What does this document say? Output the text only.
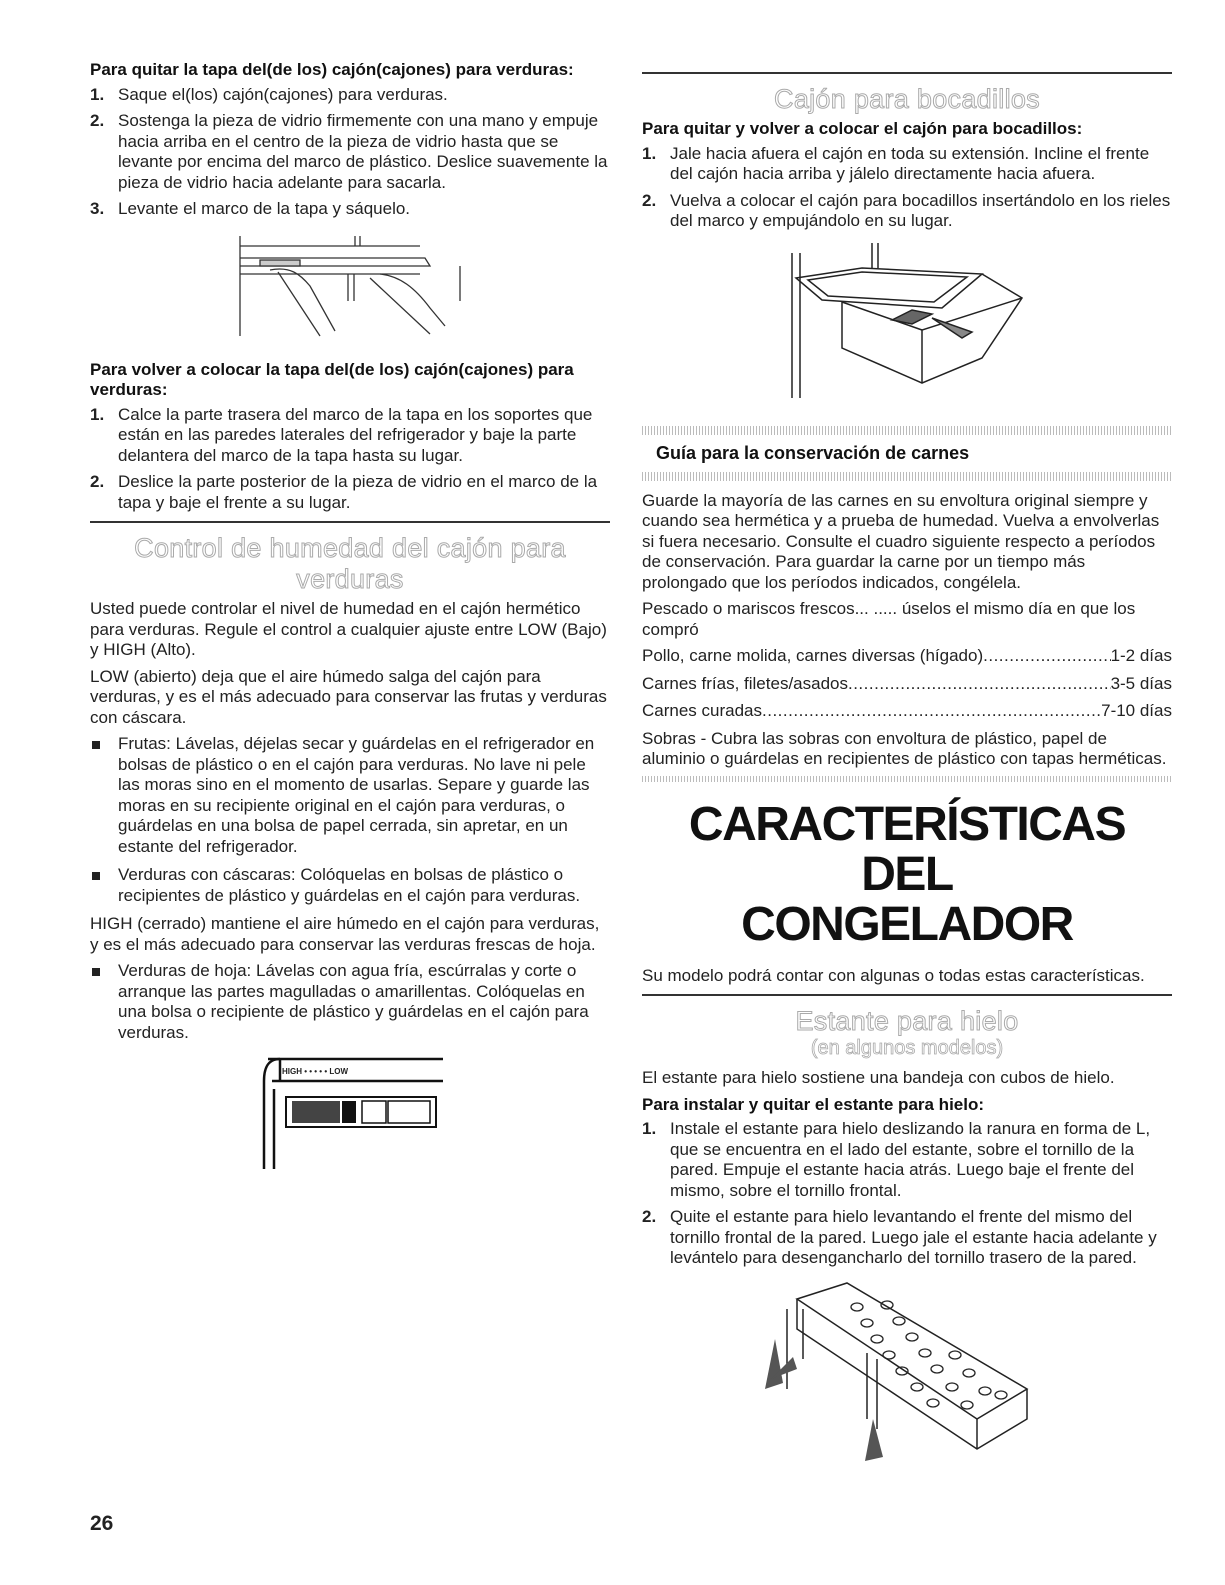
Para quitar la tapa del(de los) cajón(cajones) para verduras:
1. Saque el(los) cajón(cajones) para verduras.
2. Sostenga la pieza de vidrio firmemente con una mano y empuje hacia arriba en el centro de la pieza de vidrio hasta que se levante por encima del marco de plástico. Deslice suavemente la pieza de vidrio hacia adelante para sacarla.
3. Levante el marco de la tapa y sáquelo.
Para volver a colocar la tapa del(de los) cajón(cajones) para verduras:
1. Calce la parte trasera del marco de la tapa en los soportes que están en las paredes laterales del refrigerador y baje la parte delantera del marco de la tapa hasta su lugar.
2. Deslice la parte posterior de la pieza de vidrio en el marco de la tapa y baje el frente a su lugar.
Control de humedad del cajón para verduras

Usted puede controlar el nivel de humedad en el cajón hermético para verduras. Regule el control a cualquier ajuste entre LOW (Bajo) y HIGH (Alto).

LOW (abierto) deja que el aire húmedo salga del cajón para verduras, y es el más adecuado para conservar las frutas y verduras con cáscara.

Frutas: Lávelas, déjelas secar y guárdelas en el refrigerador en bolsas de plástico o en el cajón para verduras. No lave ni pele las moras sino en el momento de usarlas. Separe y guarde las moras en su recipiente original en el cajón para verduras, o guárdelas en una bolsa de papel cerrada, sin apretar, en un estante del refrigerador.
Verduras con cáscaras: Colóquelas en bolsas de plástico o recipientes de plástico y guárdelas en el cajón para verduras.

HIGH (cerrado) mantiene el aire húmedo en el cajón para verduras, y es el más adecuado para conservar las verduras frescas de hoja.

Verduras de hoja: Lávelas con agua fría, escúrralas y corte o arranque las partes magulladas o amarillentas. Colóquelas en una bolsa o recipiente de plástico y guárdelas en el cajón para verduras.
HIGH • • • • • LOW
Cajón para bocadillos
Para quitar y volver a colocar el cajón para bocadillos:
1. Jale hacia afuera el cajón en toda su extensión. Incline el frente del cajón hacia arriba y jálelo directamente hacia afuera.
2. Vuelva a colocar el cajón para bocadillos insertándolo en los rieles del marco y empujándolo en su lugar.
Guía para la conservación de carnes

Guarde la mayoría de las carnes en su envoltura original siempre y cuando sea hermética y a prueba de humedad. Vuelva a envolverlas si fuera necesario. Consulte el cuadro siguiente respecto a períodos de conservación. Para guardar la carne por un tiempo más prolongado que los períodos indicados, congélela.

Pescado o mariscos frescos... ..... úselos el mismo día en que los compró

Pollo, carne molida, carnes diversas (hígado) .....	1-2 días
Carnes frías, filetes/asados .....	3-5 días
Carnes curadas .....	7-10 días

Sobras - Cubra las sobras con envoltura de plástico, papel de aluminio o guárdelas en recipientes de plástico con tapas herméticas.

CARACTERÍSTICAS DEL
CONGELADOR

Su modelo podrá contar con algunas o todas estas características.

Estante para hielo
(en algunos modelos)

El estante para hielo sostiene una bandeja con cubos de hielo.

Para instalar y quitar el estante para hielo:
1. Instale el estante para hielo deslizando la ranura en forma de L, que se encuentra en el lado del estante, sobre el tornillo de la pared. Empuje el estante hacia atrás. Luego baje el frente del mismo, sobre el tornillo frontal.
2. Quite el estante para hielo levantando el frente del mismo del tornillo frontal de la pared. Luego jale el estante hacia adelante y levántelo para desengancharlo del tornillo trasero de la pared.
26
